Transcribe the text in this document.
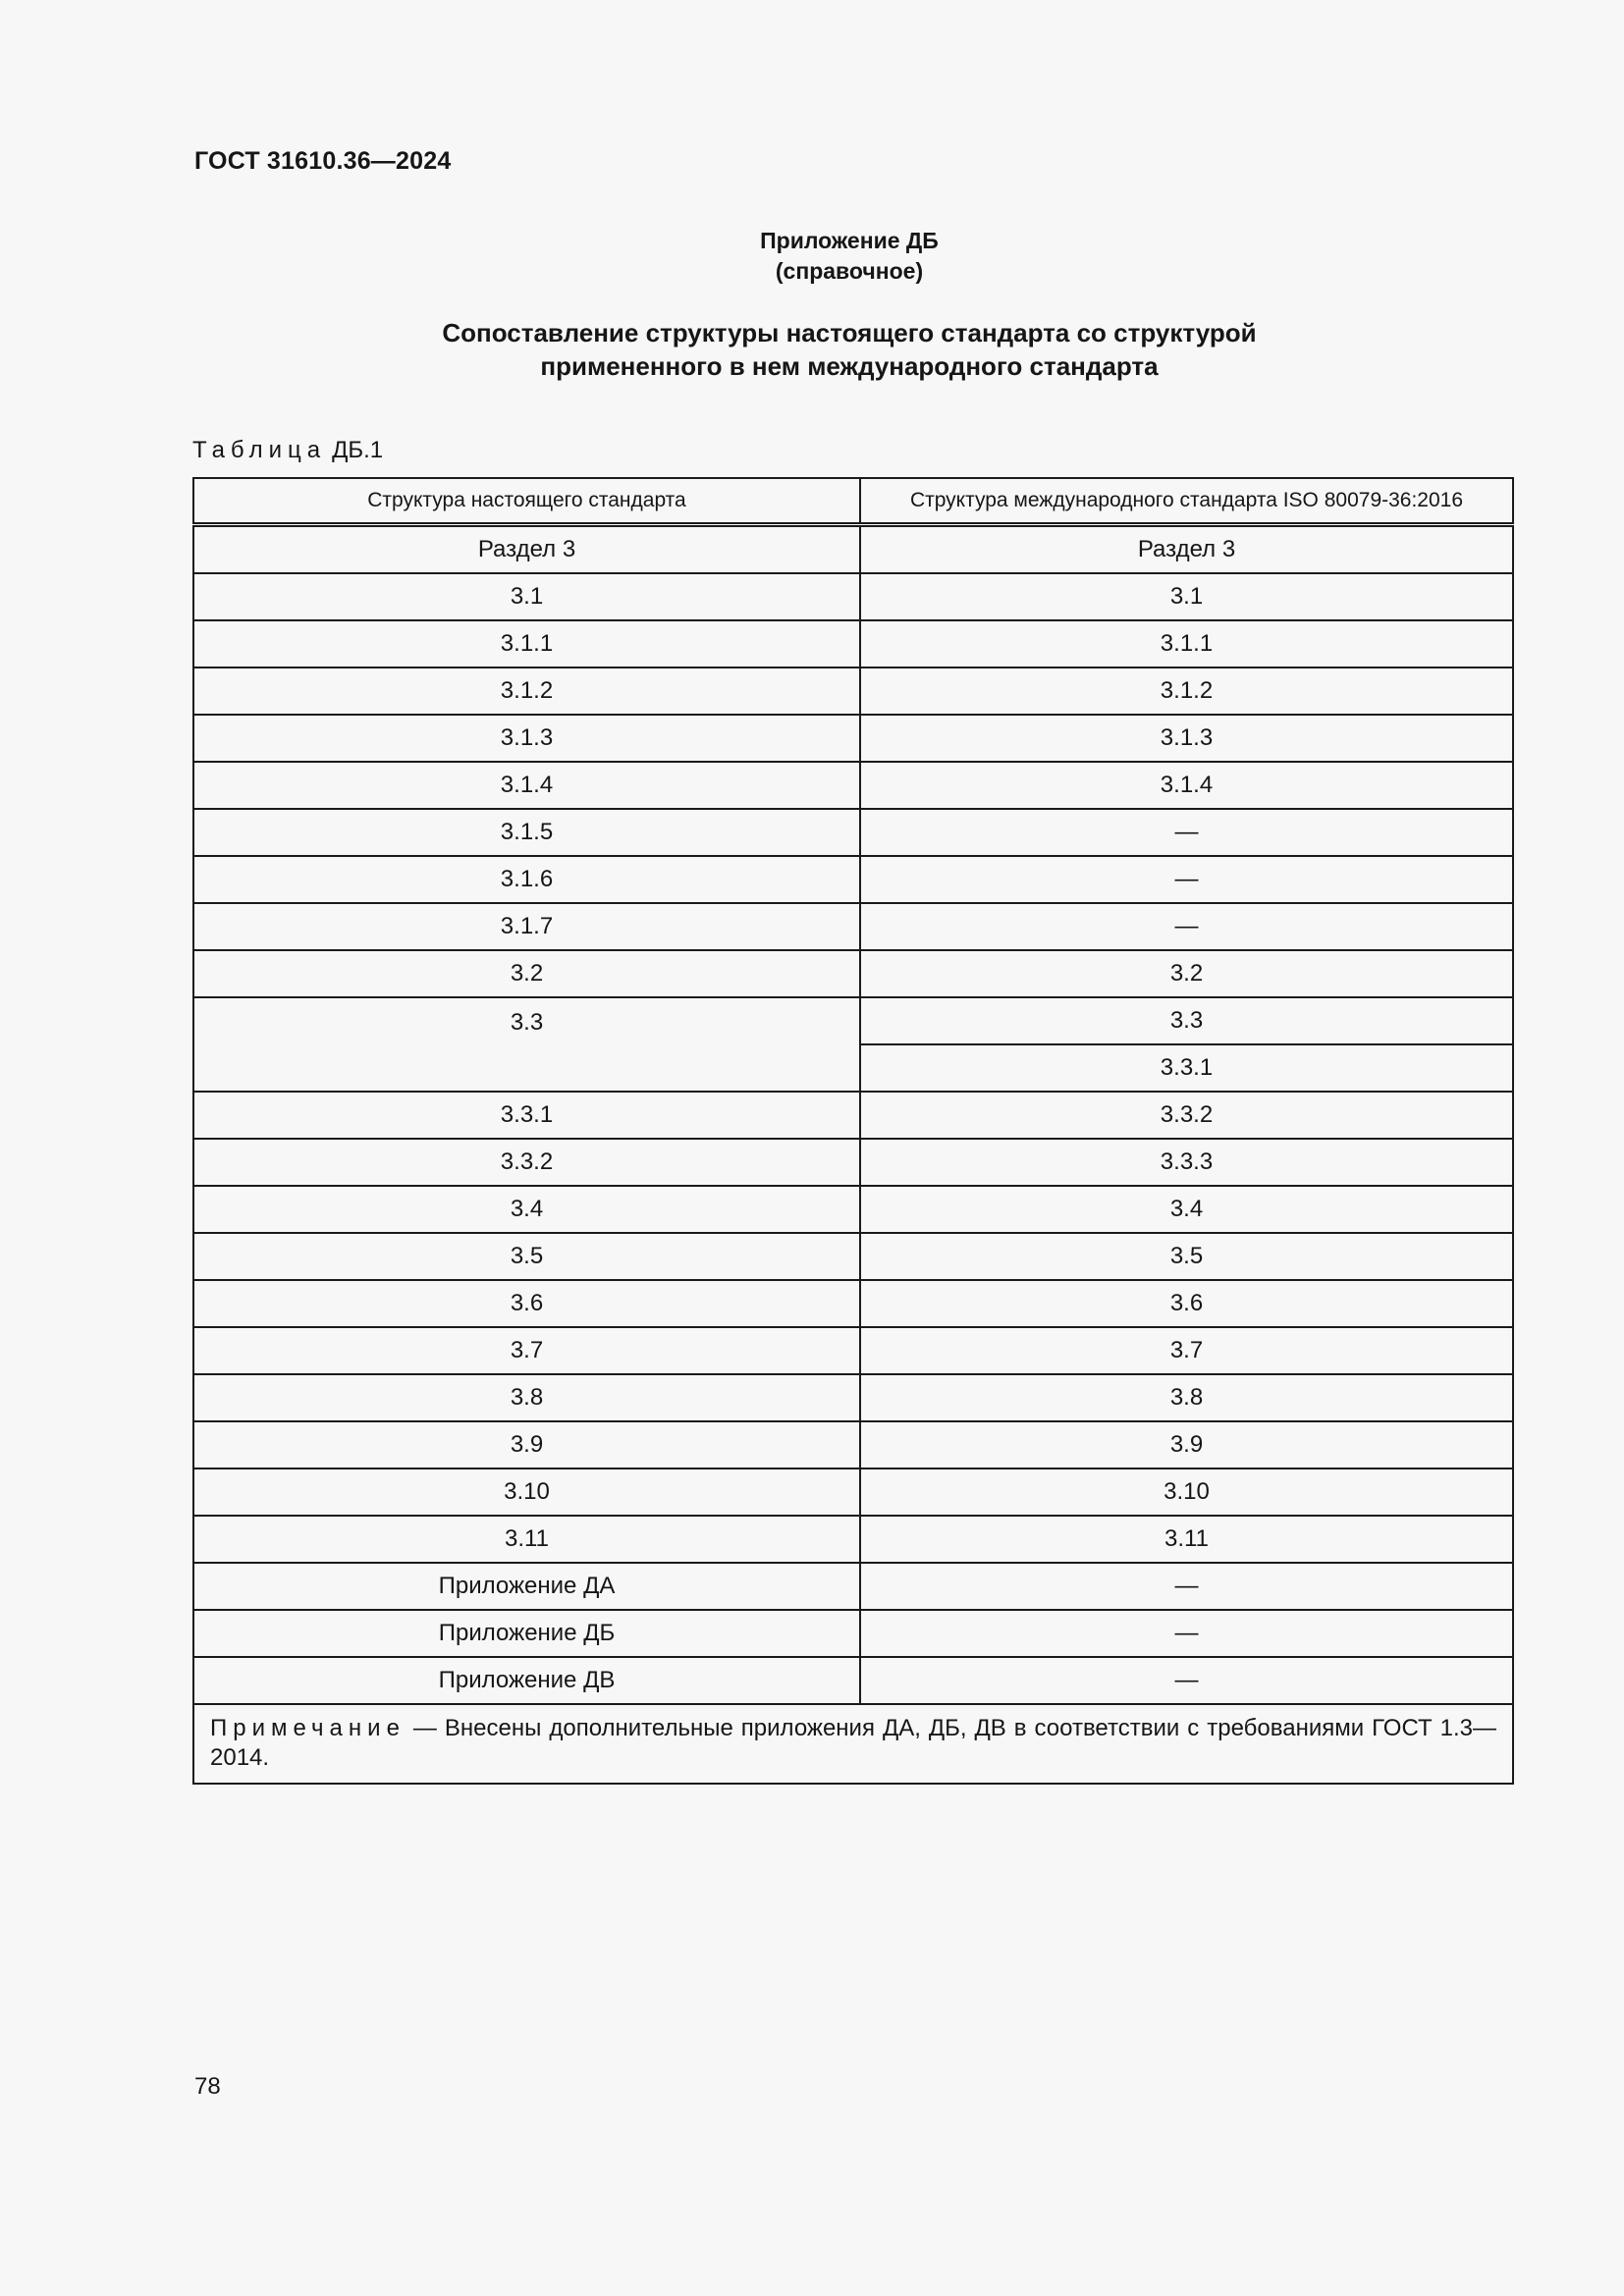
ГОСТ 31610.36—2024
Приложение ДБ
(справочное)
Сопоставление структуры настоящего стандарта со структурой
примененного в нем международного стандарта
Таблица ДБ.1
Структура настоящего стандарта	Структура международного стандарта ISO 80079-36:2016
Раздел 3	Раздел 3
3.1	3.1
3.1.1	3.1.1
3.1.2	3.1.2
3.1.3	3.1.3
3.1.4	3.1.4
3.1.5	—
3.1.6	—
3.1.7	—
3.2	3.2
3.3	3.3
	3.3.1
3.3.1	3.3.2
3.3.2	3.3.3
3.4	3.4
3.5	3.5
3.6	3.6
3.7	3.7
3.8	3.8
3.9	3.9
3.10	3.10
3.11	3.11
Приложение ДА	—
Приложение ДБ	—
Приложение ДВ	—
Примечание — Внесены дополнительные приложения ДА, ДБ, ДВ в соответствии с требованиями ГОСТ 1.3—2014.	
78
